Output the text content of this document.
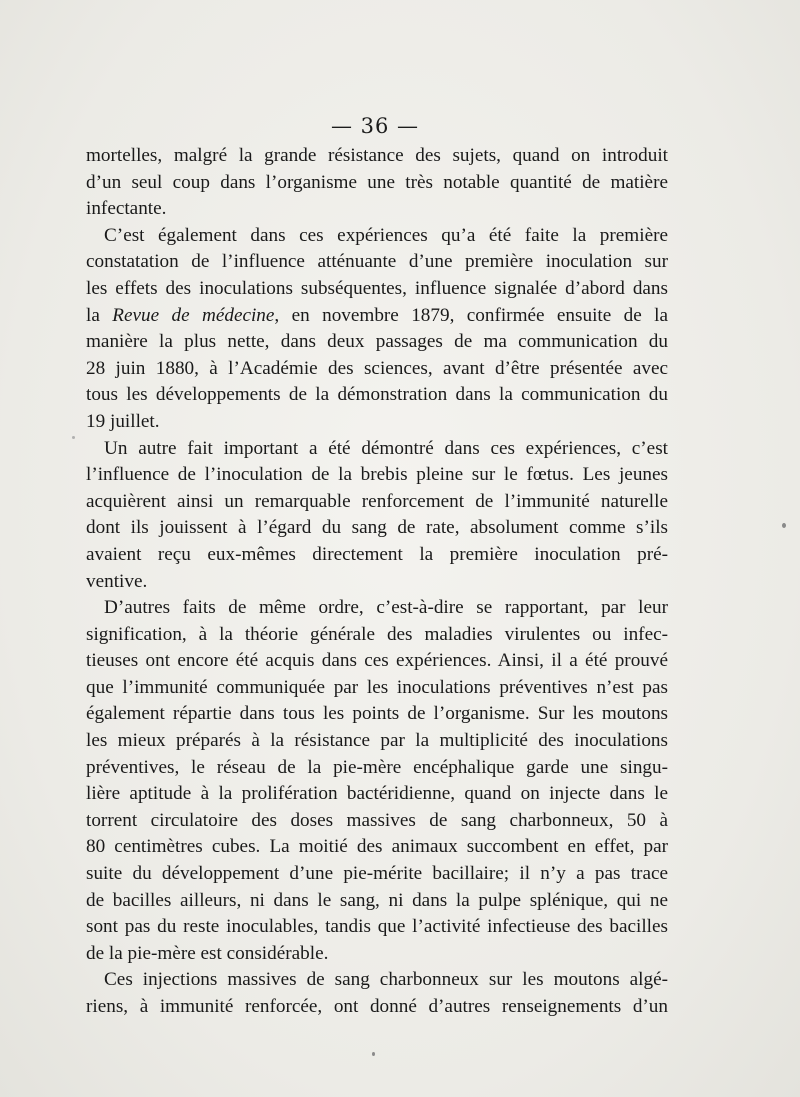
— 36 —
mortelles, malgré la grande résistance des sujets, quand on introduit
d’un seul coup dans l’organisme une très notable quantité de matière
infectante.
C’est également dans ces expériences qu’a été faite la première
constatation de l’influence atténuante d’une première inoculation sur
les effets des inoculations subséquentes, influence signalée d’abord dans
la Revue de médecine, en novembre 1879, confirmée ensuite de la
manière la plus nette, dans deux passages de ma communication du
28 juin 1880, à l’Académie des sciences, avant d’être présentée avec
tous les développements de la démonstration dans la communication du
19 juillet.
Un autre fait important a été démontré dans ces expériences, c’est
l’influence de l’inoculation de la brebis pleine sur le fœtus. Les jeunes
acquièrent ainsi un remarquable renforcement de l’immunité naturelle
dont ils jouissent à l’égard du sang de rate, absolument comme s’ils
avaient reçu eux-mêmes directement la première inoculation pré-
ventive.
D’autres faits de même ordre, c’est-à-dire se rapportant, par leur
signification, à la théorie générale des maladies virulentes ou infec-
tieuses ont encore été acquis dans ces expériences. Ainsi, il a été prouvé
que l’immunité communiquée par les inoculations préventives n’est pas
également répartie dans tous les points de l’organisme. Sur les moutons
les mieux préparés à la résistance par la multiplicité des inoculations
préventives, le réseau de la pie-mère encéphalique garde une singu-
lière aptitude à la prolifération bactéridienne, quand on injecte dans le
torrent circulatoire des doses massives de sang charbonneux, 50 à
80 centimètres cubes. La moitié des animaux succombent en effet, par
suite du développement d’une pie-mérite bacillaire; il n’y a pas trace
de bacilles ailleurs, ni dans le sang, ni dans la pulpe splénique, qui ne
sont pas du reste inoculables, tandis que l’activité infectieuse des bacilles
de la pie-mère est considérable.
Ces injections massives de sang charbonneux sur les moutons algé-
riens, à immunité renforcée, ont donné d’autres renseignements d’un
